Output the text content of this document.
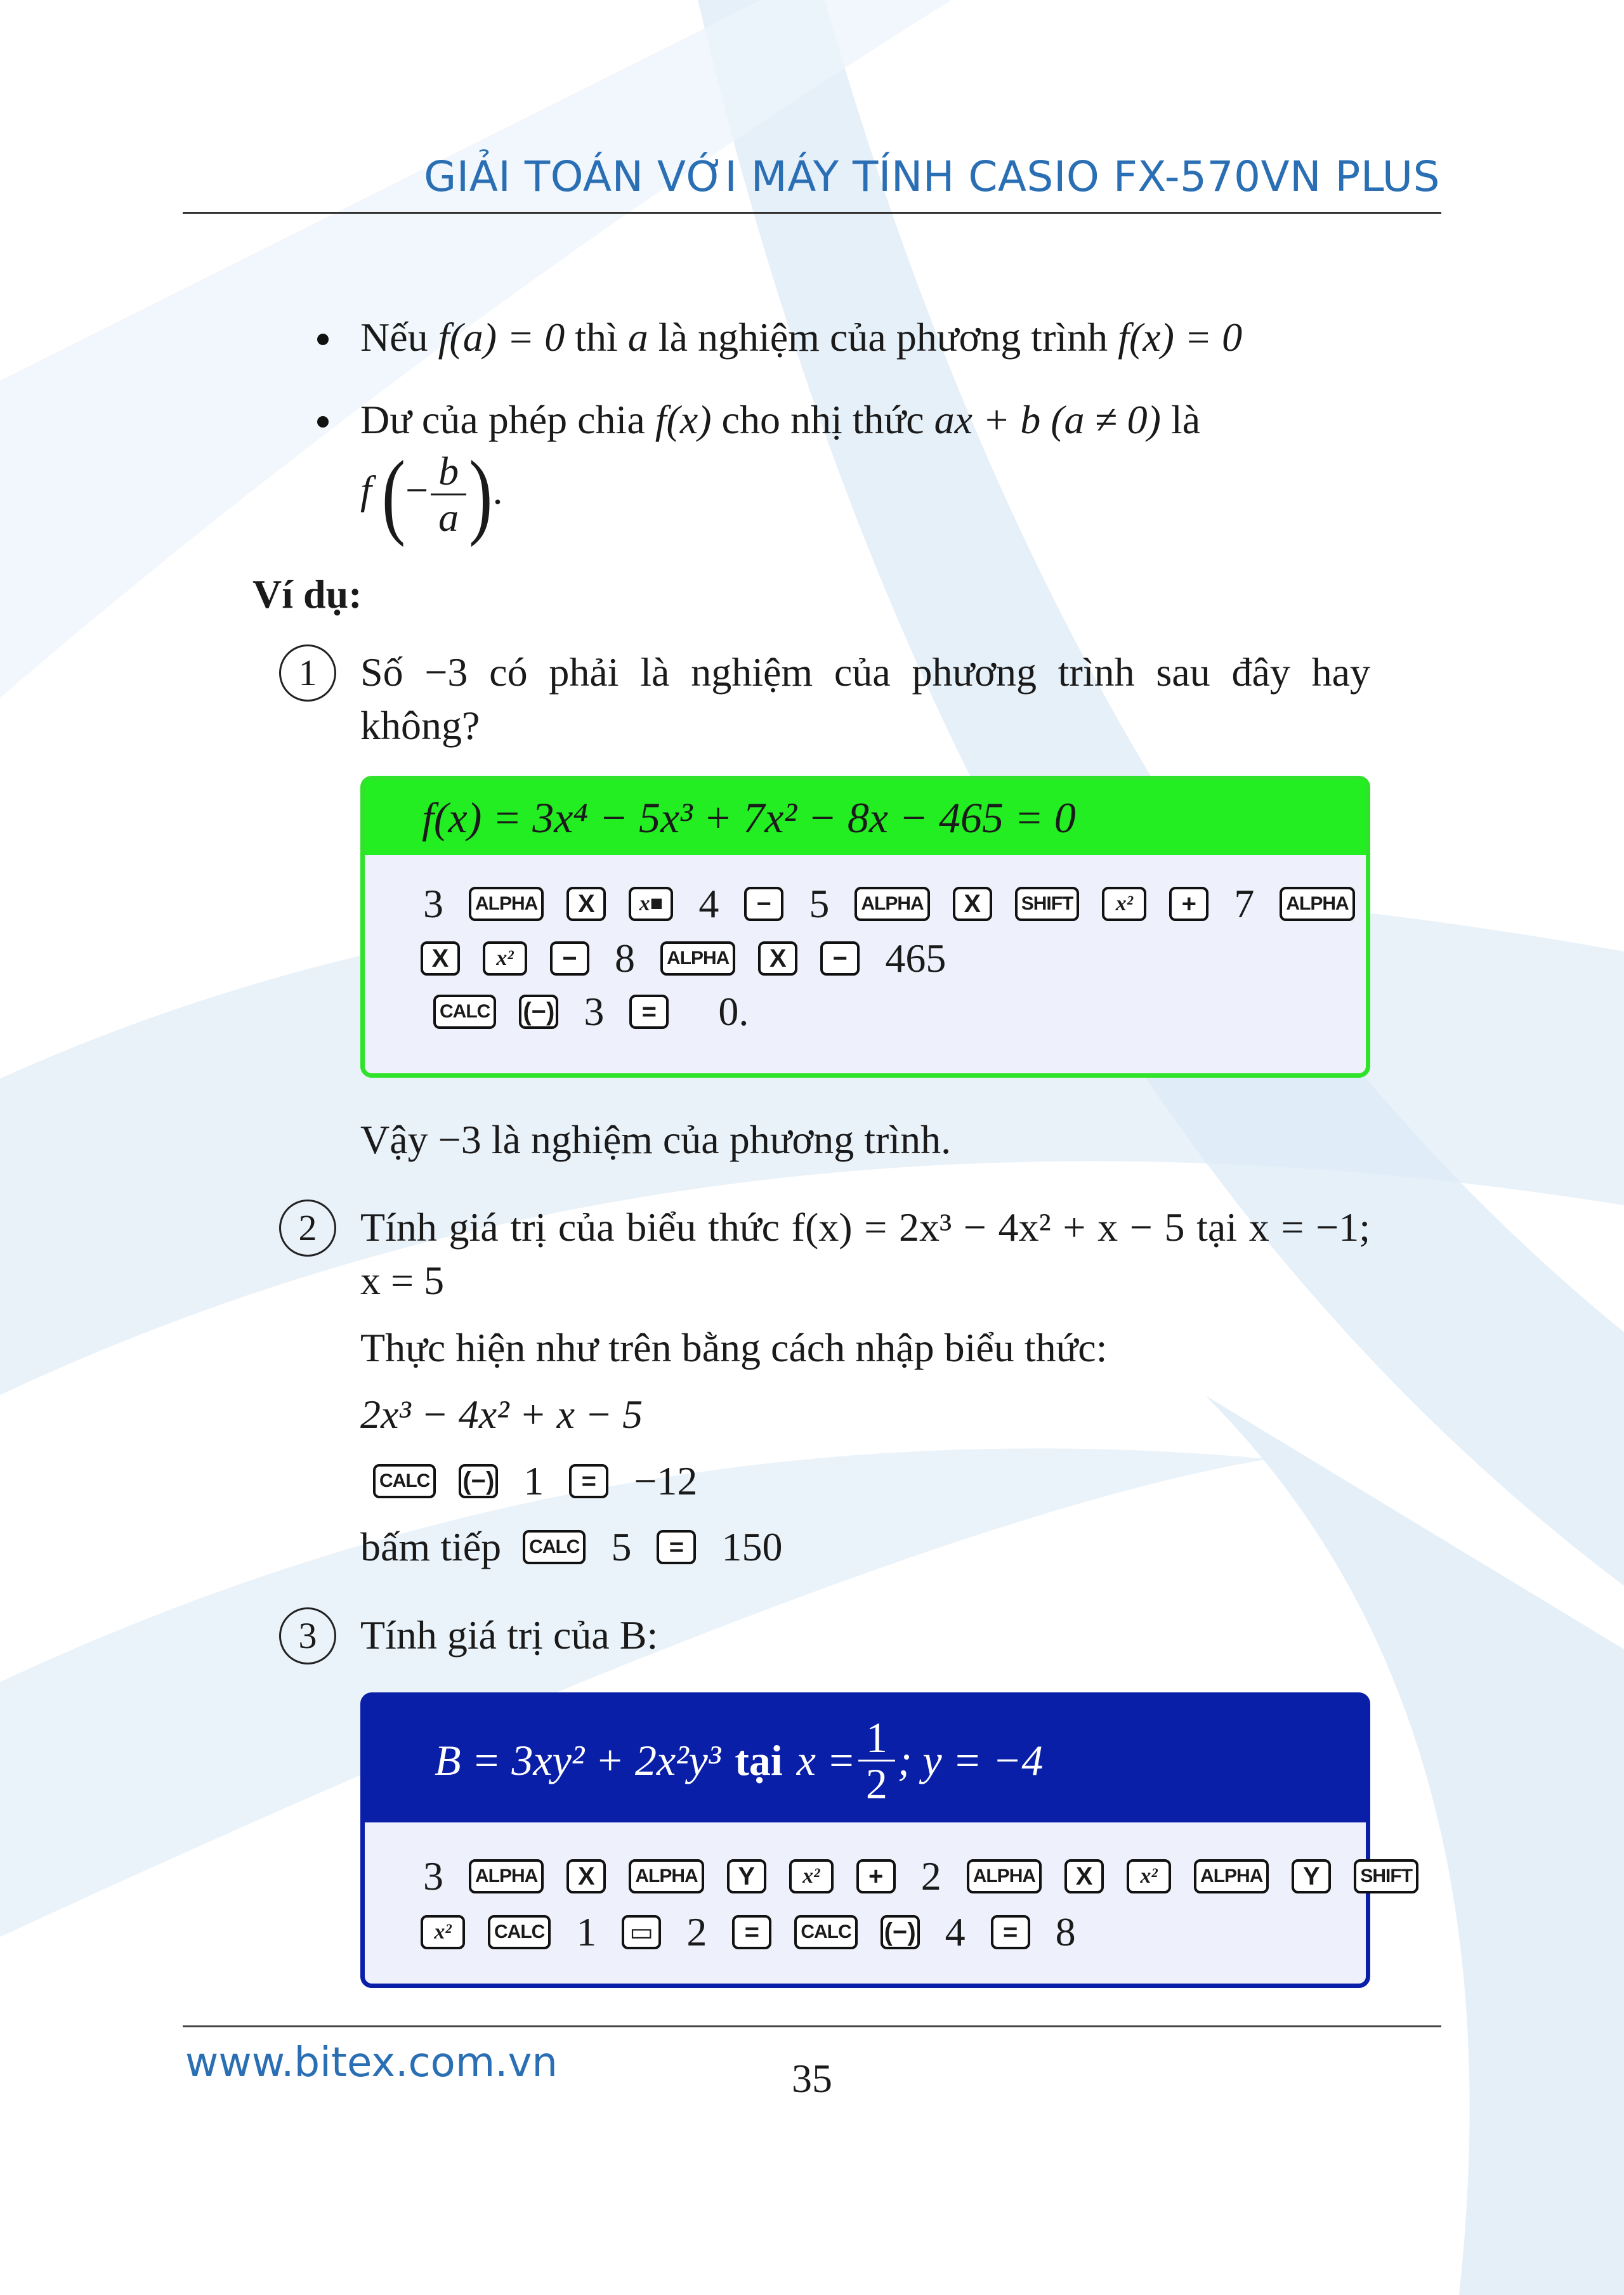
GIẢI TOÁN VỚI MÁY TÍNH CASIO FX-570VN PLUS
Nếu f(a) = 0 thì a là nghiệm của phương trình f(x) = 0
Dư của phép chia f(x) cho nhị thức ax + b (a ≠ 0) là
f (− $\frac{b}{a}$ ).
Ví dụ:
1	Số −3 có phải là nghiệm của phương trình sau đây hay không?
f(x) = 3x⁴ − 5x³ + 7x² − 8x − 465 = 0
3	ALPHA	X	x■ 4	− 5	ALPHA	X	SHIFT	x²	+ 7	ALPHA
X	x²	− 8	ALPHA	X	− 465
CALC (−) 3	=	0.
Vậy −3 là nghiệm của phương trình.
2	Tính giá trị của biểu thức f(x) = 2x³ − 4x² + x − 5 tại x = −1; x = 5
Thực hiện như trên bằng cách nhập biểu thức:
2x³ − 4x² + x − 5
CALC (−) 1	= −12
bấm tiếp	CALC 5	= 150
3	Tính giá trị của B:
B = 3xy² + 2x²y³ tại $x = \frac{1}{2}$ ; y = −4
3	ALPHA	X	ALPHA	Y	x²	+ 2	ALPHA	X	x²	ALPHA	Y	SHIFT
x²	CALC 1	▭ 2	=	CALC (−) 4	= 8
www.bitex.com.vn	35
